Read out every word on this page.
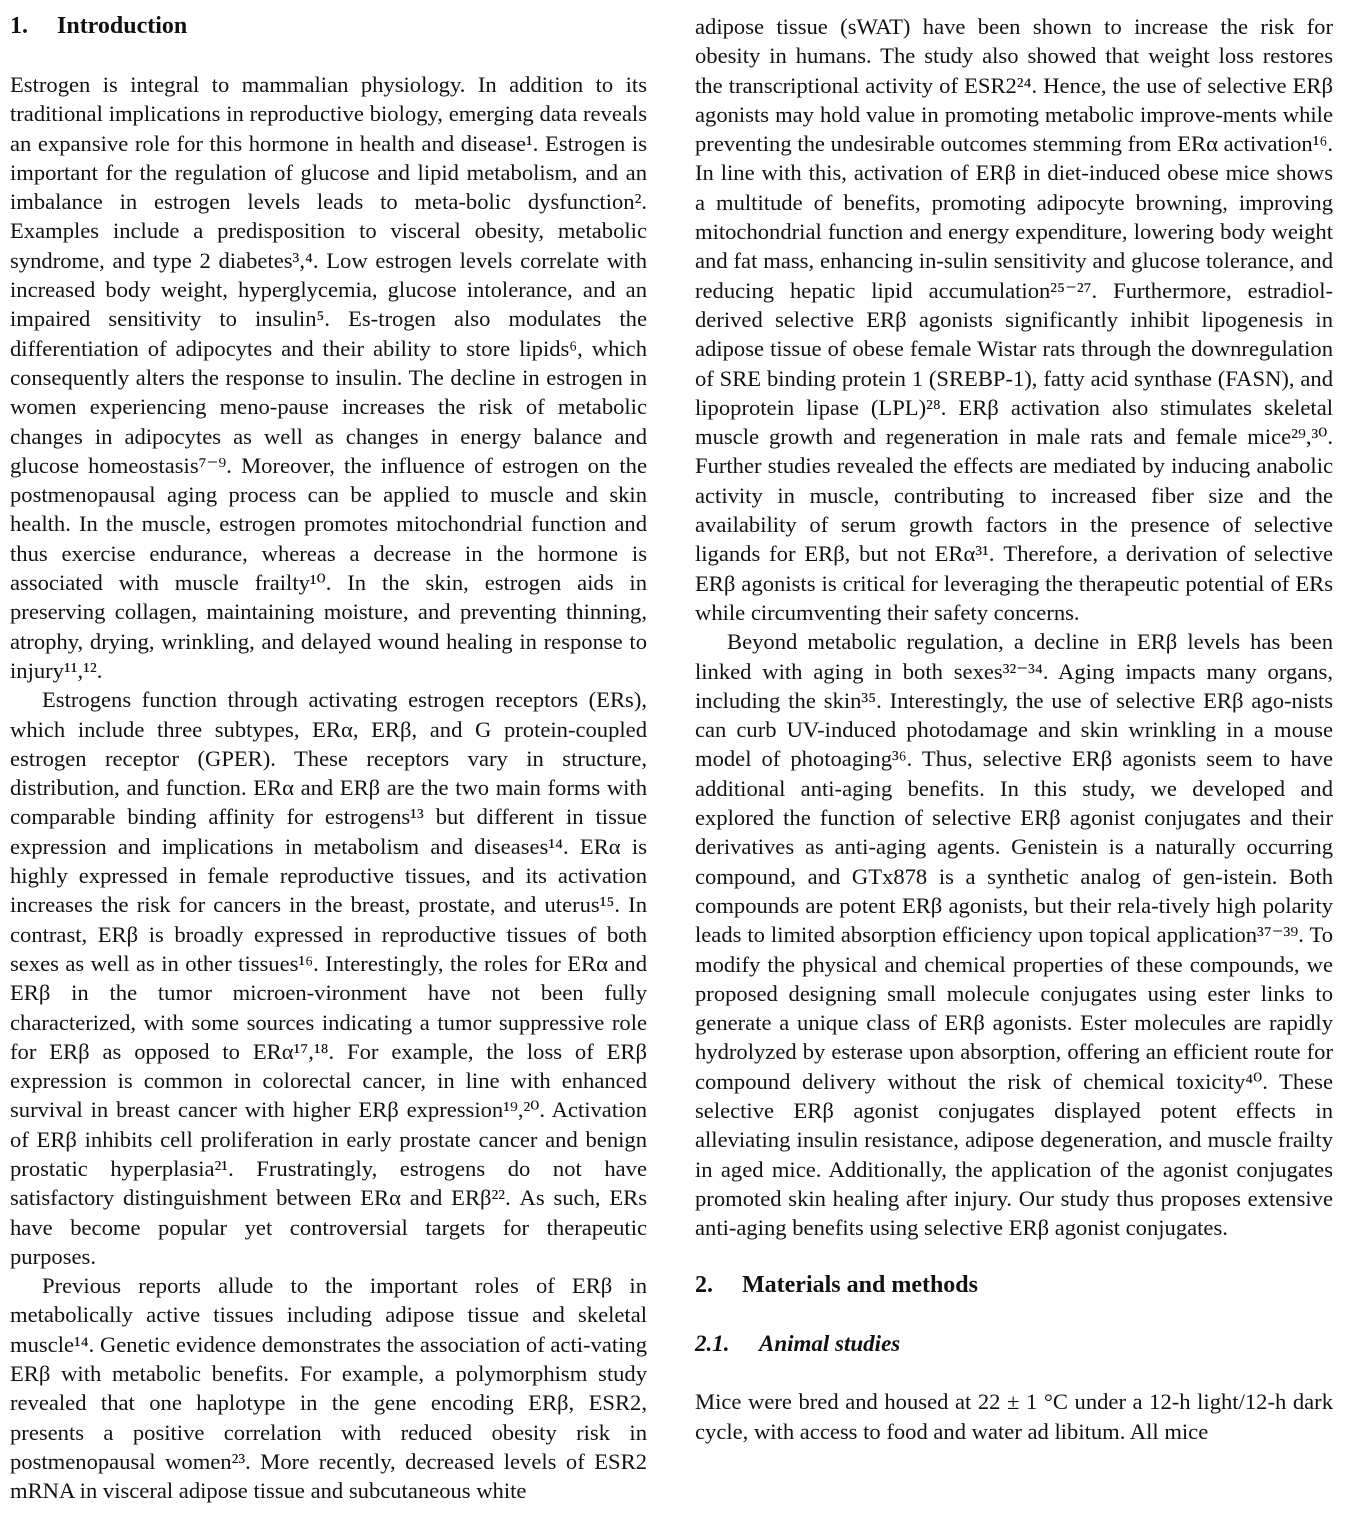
1.	Introduction

Estrogen is integral to mammalian physiology. In addition to its traditional implications in reproductive biology, emerging data reveals an expansive role for this hormone in health and disease¹. Estrogen is important for the regulation of glucose and lipid metabolism, and an imbalance in estrogen levels leads to meta-bolic dysfunction². Examples include a predisposition to visceral obesity, metabolic syndrome, and type 2 diabetes³,⁴. Low estrogen levels correlate with increased body weight, hyperglycemia, glucose intolerance, and an impaired sensitivity to insulin⁵. Es-trogen also modulates the differentiation of adipocytes and their ability to store lipids⁶, which consequently alters the response to insulin. The decline in estrogen in women experiencing meno-pause increases the risk of metabolic changes in adipocytes as well as changes in energy balance and glucose homeostasis⁷⁻⁹. Moreover, the influence of estrogen on the postmenopausal aging process can be applied to muscle and skin health. In the muscle, estrogen promotes mitochondrial function and thus exercise endurance, whereas a decrease in the hormone is associated with muscle frailty¹⁰. In the skin, estrogen aids in preserving collagen, maintaining moisture, and preventing thinning, atrophy, drying, wrinkling, and delayed wound healing in response to injury¹¹,¹².

Estrogens function through activating estrogen receptors (ERs), which include three subtypes, ERα, ERβ, and G protein-coupled estrogen receptor (GPER). These receptors vary in structure, distribution, and function. ERα and ERβ are the two main forms with comparable binding affinity for estrogens¹³ but different in tissue expression and implications in metabolism and diseases¹⁴. ERα is highly expressed in female reproductive tissues, and its activation increases the risk for cancers in the breast, prostate, and uterus¹⁵. In contrast, ERβ is broadly expressed in reproductive tissues of both sexes as well as in other tissues¹⁶. Interestingly, the roles for ERα and ERβ in the tumor microen-vironment have not been fully characterized, with some sources indicating a tumor suppressive role for ERβ as opposed to ERα¹⁷,¹⁸. For example, the loss of ERβ expression is common in colorectal cancer, in line with enhanced survival in breast cancer with higher ERβ expression¹⁹,²⁰. Activation of ERβ inhibits cell proliferation in early prostate cancer and benign prostatic hyperplasia²¹. Frustratingly, estrogens do not have satisfactory distinguishment between ERα and ERβ²². As such, ERs have become popular yet controversial targets for therapeutic purposes.

Previous reports allude to the important roles of ERβ in metabolically active tissues including adipose tissue and skeletal muscle¹⁴. Genetic evidence demonstrates the association of acti-vating ERβ with metabolic benefits. For example, a polymorphism study revealed that one haplotype in the gene encoding ERβ, ESR2, presents a positive correlation with reduced obesity risk in postmenopausal women²³. More recently, decreased levels of ESR2 mRNA in visceral adipose tissue and subcutaneous white

adipose tissue (sWAT) have been shown to increase the risk for obesity in humans. The study also showed that weight loss restores the transcriptional activity of ESR2²⁴. Hence, the use of selective ERβ agonists may hold value in promoting metabolic improve-ments while preventing the undesirable outcomes stemming from ERα activation¹⁶. In line with this, activation of ERβ in diet-induced obese mice shows a multitude of benefits, promoting adipocyte browning, improving mitochondrial function and energy expenditure, lowering body weight and fat mass, enhancing in-sulin sensitivity and glucose tolerance, and reducing hepatic lipid accumulation²⁵⁻²⁷. Furthermore, estradiol-derived selective ERβ agonists significantly inhibit lipogenesis in adipose tissue of obese female Wistar rats through the downregulation of SRE binding protein 1 (SREBP-1), fatty acid synthase (FASN), and lipoprotein lipase (LPL)²⁸. ERβ activation also stimulates skeletal muscle growth and regeneration in male rats and female mice²⁹,³⁰. Further studies revealed the effects are mediated by inducing anabolic activity in muscle, contributing to increased fiber size and the availability of serum growth factors in the presence of selective ligands for ERβ, but not ERα³¹. Therefore, a derivation of selective ERβ agonists is critical for leveraging the therapeutic potential of ERs while circumventing their safety concerns.

Beyond metabolic regulation, a decline in ERβ levels has been linked with aging in both sexes³²⁻³⁴. Aging impacts many organs, including the skin³⁵. Interestingly, the use of selective ERβ ago-nists can curb UV-induced photodamage and skin wrinkling in a mouse model of photoaging³⁶. Thus, selective ERβ agonists seem to have additional anti-aging benefits. In this study, we developed and explored the function of selective ERβ agonist conjugates and their derivatives as anti-aging agents. Genistein is a naturally occurring compound, and GTx878 is a synthetic analog of gen-istein. Both compounds are potent ERβ agonists, but their rela-tively high polarity leads to limited absorption efficiency upon topical application³⁷⁻³⁹. To modify the physical and chemical properties of these compounds, we proposed designing small molecule conjugates using ester links to generate a unique class of ERβ agonists. Ester molecules are rapidly hydrolyzed by esterase upon absorption, offering an efficient route for compound delivery without the risk of chemical toxicity⁴⁰. These selective ERβ agonist conjugates displayed potent effects in alleviating insulin resistance, adipose degeneration, and muscle frailty in aged mice. Additionally, the application of the agonist conjugates promoted skin healing after injury. Our study thus proposes extensive anti-aging benefits using selective ERβ agonist conjugates.

2.	Materials and methods
2.1.	Animal studies

Mice were bred and housed at 22 ± 1 °C under a 12-h light/12-h dark cycle, with access to food and water ad libitum. All mice
